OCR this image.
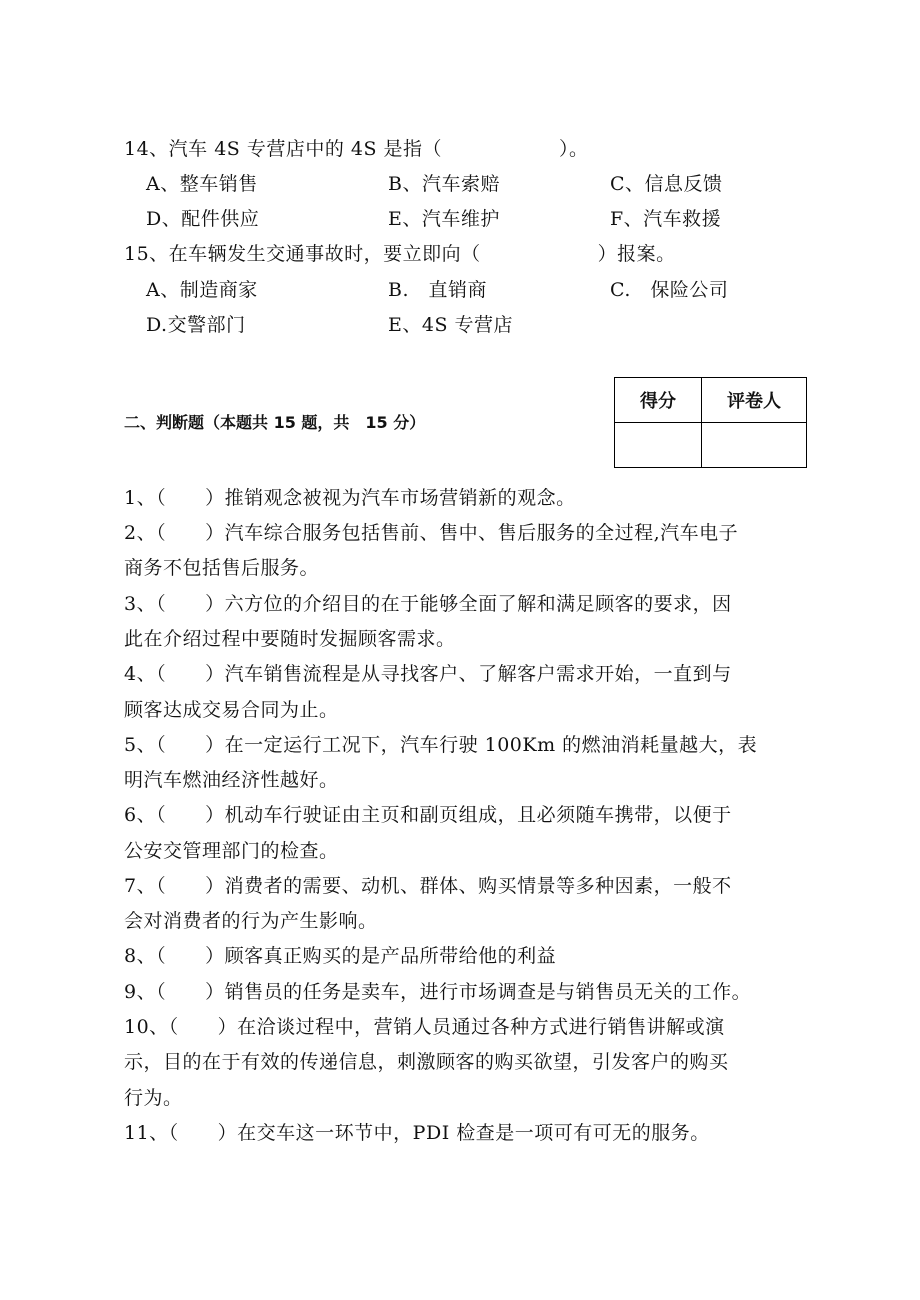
14、汽车 4S 专营店中的 4S 是指（　　　　　　）。
A、整车销售	B、汽车索赔	C、信息反馈
D、配件供应	E、汽车维护	F、汽车救援
15、在车辆发生交通事故时，要立即向（　　　　　　）报案。
A、制造商家	B.　直销商	C.　保险公司
D.交警部门	E、4S 专营店
二、判断题（本题共 15 题，共　15 分）
得分	评卷人

1、（　　）推销观念被视为汽车市场营销新的观念。
2、（　　）汽车综合服务包括售前、售中、售后服务的全过程,汽车电子
商务不包括售后服务。
3、（　　）六方位的介绍目的在于能够全面了解和满足顾客的要求，因
此在介绍过程中要随时发掘顾客需求。
4、（　　）汽车销售流程是从寻找客户、了解客户需求开始，一直到与
顾客达成交易合同为止。
5、（　　）在一定运行工况下，汽车行驶 100Km 的燃油消耗量越大，表
明汽车燃油经济性越好。
6、（　　）机动车行驶证由主页和副页组成，且必须随车携带，以便于
公安交管理部门的检查。
7、（　　）消费者的需要、动机、群体、购买情景等多种因素，一般不
会对消费者的行为产生影响。
8、（　　）顾客真正购买的是产品所带给他的利益
9、（　　）销售员的任务是卖车，进行市场调查是与销售员无关的工作。
10、（　　）在洽谈过程中，营销人员通过各种方式进行销售讲解或演
示，目的在于有效的传递信息，刺激顾客的购买欲望，引发客户的购买
行为。
11、（　　）在交车这一环节中，PDI 检查是一项可有可无的服务。
